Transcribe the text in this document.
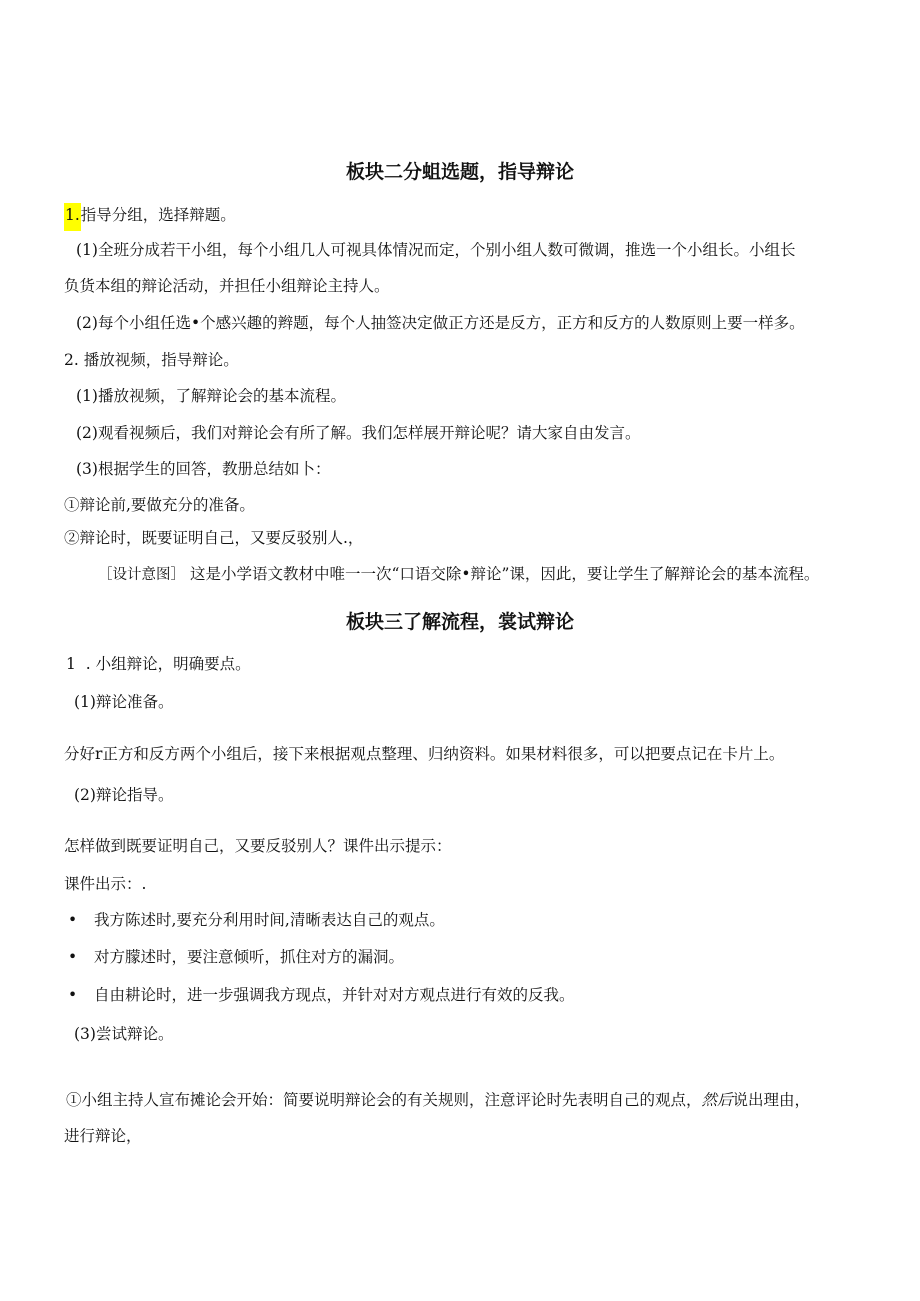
板块二分蛆选题，指导辩论
1.指导分组，选择辩题。
(1)全班分成若干小组，每个小组几人可视具体情况而定，个别小组人数可微调，推选一个小组长。小组长
负货本组的辩论活动，并担任小组辩论主持人。
(2)每个小组任选•个感兴趣的辫题，每个人抽签决定做正方还是反方，正方和反方的人数原则上要一样多。
2. 播放视频，指导辩论。
(1)播放视频，了解辩论会的基本流程。
(2)观看视频后，我们对辩论会有所了解。我们怎样展开辩论呢？请大家自由发言。
(3)根据学生的回答，教册总结如卜：
①辩论前,要做充分的准备。
②辩论时，既要证明自己，又要反驳别人.，
［设计意图］ 这是小学语文教材中唯一一次“口语交除•辩论”课，因此，要让学生了解辩论会的基本流程。
板块三了解流程，裳试辩论
1  . 小组辩论，明确要点。
(1)辩论准备。
分好r正方和反方两个小组后，接下来根据观点整理、归纳资料。如果材料很多，可以把要点记在卡片上。
(2)辩论指导。
怎样做到既要证明自己，又要反驳别人？课件出示提示：
课件出示：.
• 我方陈述时,要充分利用时间,清晰表达自己的观点。
• 对方朦述时，要注意倾听，抓住对方的漏洞。
• 自由耕论时，进一步强调我方现点，并针对对方观点进行有效的反我。
(3)尝试辩论。
①小组主持人宣布摊论会开始：简要说明辩论会的有关规则，注意评论时先表明自己的观点，然后说出理由，
进行辩论，
